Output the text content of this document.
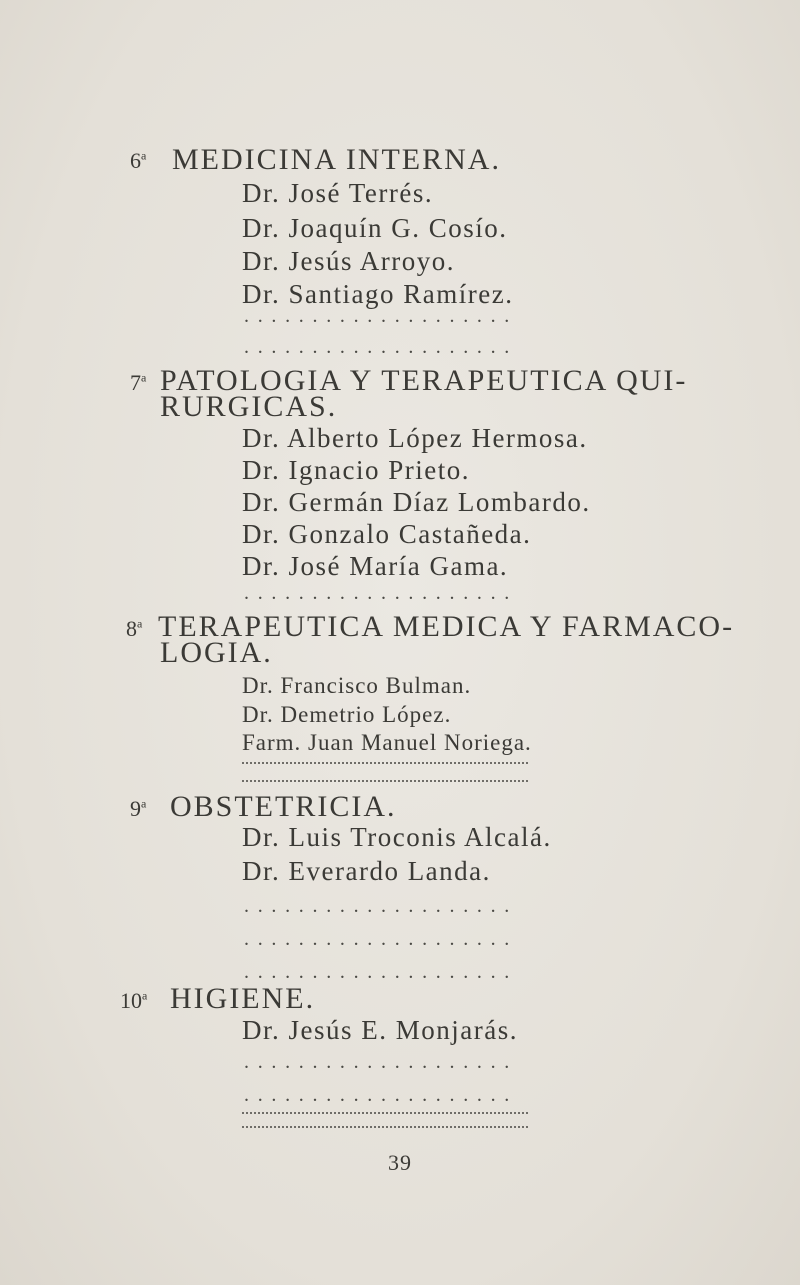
6$^a$ MEDICINA INTERNA.
Dr. José Terrés.
Dr. Joaquín G. Cosío.
Dr. Jesús Arroyo.
Dr. Santiago Ramírez.
....................
....................
7$^a$ PATOLOGIA Y TERAPEUTICA QUI-
RURGICAS.
Dr. Alberto López Hermosa.
Dr. Ignacio Prieto.
Dr. Germán Díaz Lombardo.
Dr. Gonzalo Castañeda.
Dr. José María Gama.
....................
8$^a$ TERAPEUTICA MEDICA Y FARMACO-
LOGIA.
Dr. Francisco Bulman.
Dr. Demetrio López.
Farm. Juan Manuel Noriega.
9$^a$ OBSTETRICIA.
Dr. Luis Troconis Alcalá.
Dr. Everardo Landa.
....................
....................
....................
10$^a$ HIGIENE.
Dr. Jesús E. Monjarás.
....................
....................
39
